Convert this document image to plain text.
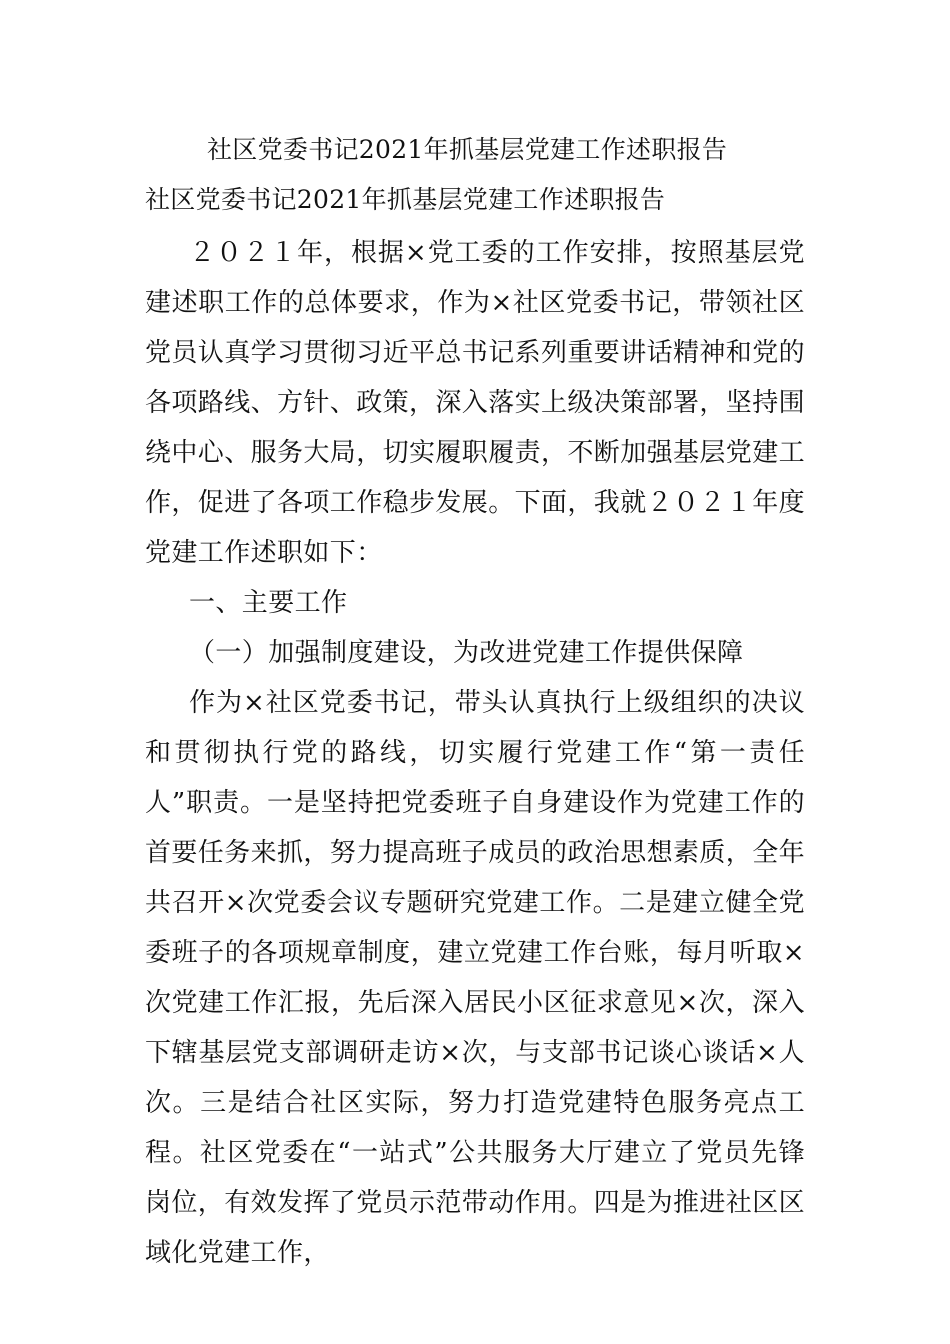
社区党委书记2021年抓基层党建工作述职报告
社区党委书记2021年抓基层党建工作述职报告

２０２１年，根据×党工委的工作安排，按照基层党建述职工作的总体要求，作为×社区党委书记，带领社区党员认真学习贯彻习近平总书记系列重要讲话精神和党的各项路线、方针、政策，深入落实上级决策部署，坚持围绕中心、服务大局，切实履职履责，不断加强基层党建工作，促进了各项工作稳步发展。下面，我就２０２１年度党建工作述职如下：

一、主要工作

（一）加强制度建设，为改进党建工作提供保障

作为×社区党委书记，带头认真执行上级组织的决议和贯彻执行党的路线，切实履行党建工作“第一责任人”职责。一是坚持把党委班子自身建设作为党建工作的首要任务来抓，努力提高班子成员的政治思想素质，全年共召开×次党委会议专题研究党建工作。二是建立健全党委班子的各项规章制度，建立党建工作台账，每月听取×次党建工作汇报，先后深入居民小区征求意见×次，深入下辖基层党支部调研走访×次，与支部书记谈心谈话×人次。三是结合社区实际，努力打造党建特色服务亮点工程。社区党委在“一站式”公共服务大厅建立了党员先锋岗位，有效发挥了党员示范带动作用。四是为推进社区区域化党建工作，
